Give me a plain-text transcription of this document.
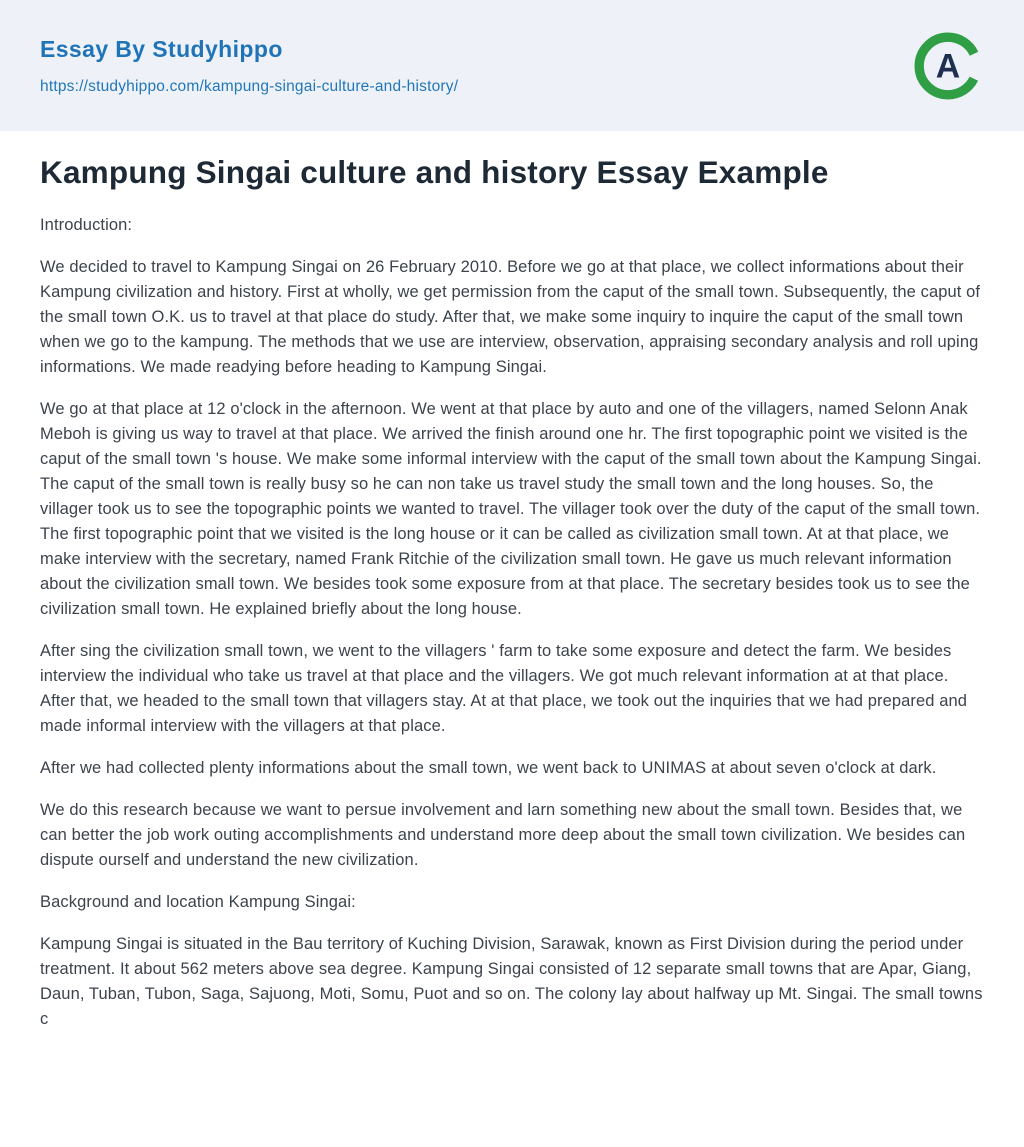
Essay By Studyhippo
https://studyhippo.com/kampung-singai-culture-and-history/
A
Kampung Singai culture and history Essay Example

Introduction:

We decided to travel to Kampung Singai on 26 February 2010. Before we go at that place, we collect informations about their Kampung civilization and history. First at wholly, we get permission from the caput of the small town. Subsequently, the caput of the small town O.K. us to travel at that place do study. After that, we make some inquiry to inquire the caput of the small town when we go to the kampung. The methods that we use are interview, observation, appraising secondary analysis and roll uping informations. We made readying before heading to Kampung Singai.

We go at that place at 12 o'clock in the afternoon. We went at that place by auto and one of the villagers, named Selonn Anak Meboh is giving us way to travel at that place. We arrived the finish around one hr. The first topographic point we visited is the caput of the small town 's house. We make some informal interview with the caput of the small town about the Kampung Singai. The caput of the small town is really busy so he can non take us travel study the small town and the long houses. So, the villager took us to see the topographic points we wanted to travel. The villager took over the duty of the caput of the small town. The first topographic point that we visited is the long house or it can be called as civilization small town. At at that place, we make interview with the secretary, named Frank Ritchie of the civilization small town. He gave us much relevant information about the civilization small town. We besides took some exposure from at that place. The secretary besides took us to see the civilization small town. He explained briefly about the long house.

After sing the civilization small town, we went to the villagers ' farm to take some exposure and detect the farm. We besides interview the individual who take us travel at that place and the villagers. We got much relevant information at at that place. After that, we headed to the small town that villagers stay. At at that place, we took out the inquiries that we had prepared and made informal interview with the villagers at that place.

After we had collected plenty informations about the small town, we went back to UNIMAS at about seven o'clock at dark.

We do this research because we want to persue involvement and larn something new about the small town. Besides that, we can better the job work outing accomplishments and understand more deep about the small town civilization. We besides can dispute ourself and understand the new civilization.

Background and location Kampung Singai:

Kampung Singai is situated in the Bau territory of Kuching Division, Sarawak, known as First Division during the period under treatment. It about 562 meters above sea degree. Kampung Singai consisted of 12 separate small towns that are Apar, Giang, Daun, Tuban, Tubon, Saga, Sajuong, Moti, Somu, Puot and so on. The colony lay about halfway up Mt. Singai. The small towns c
